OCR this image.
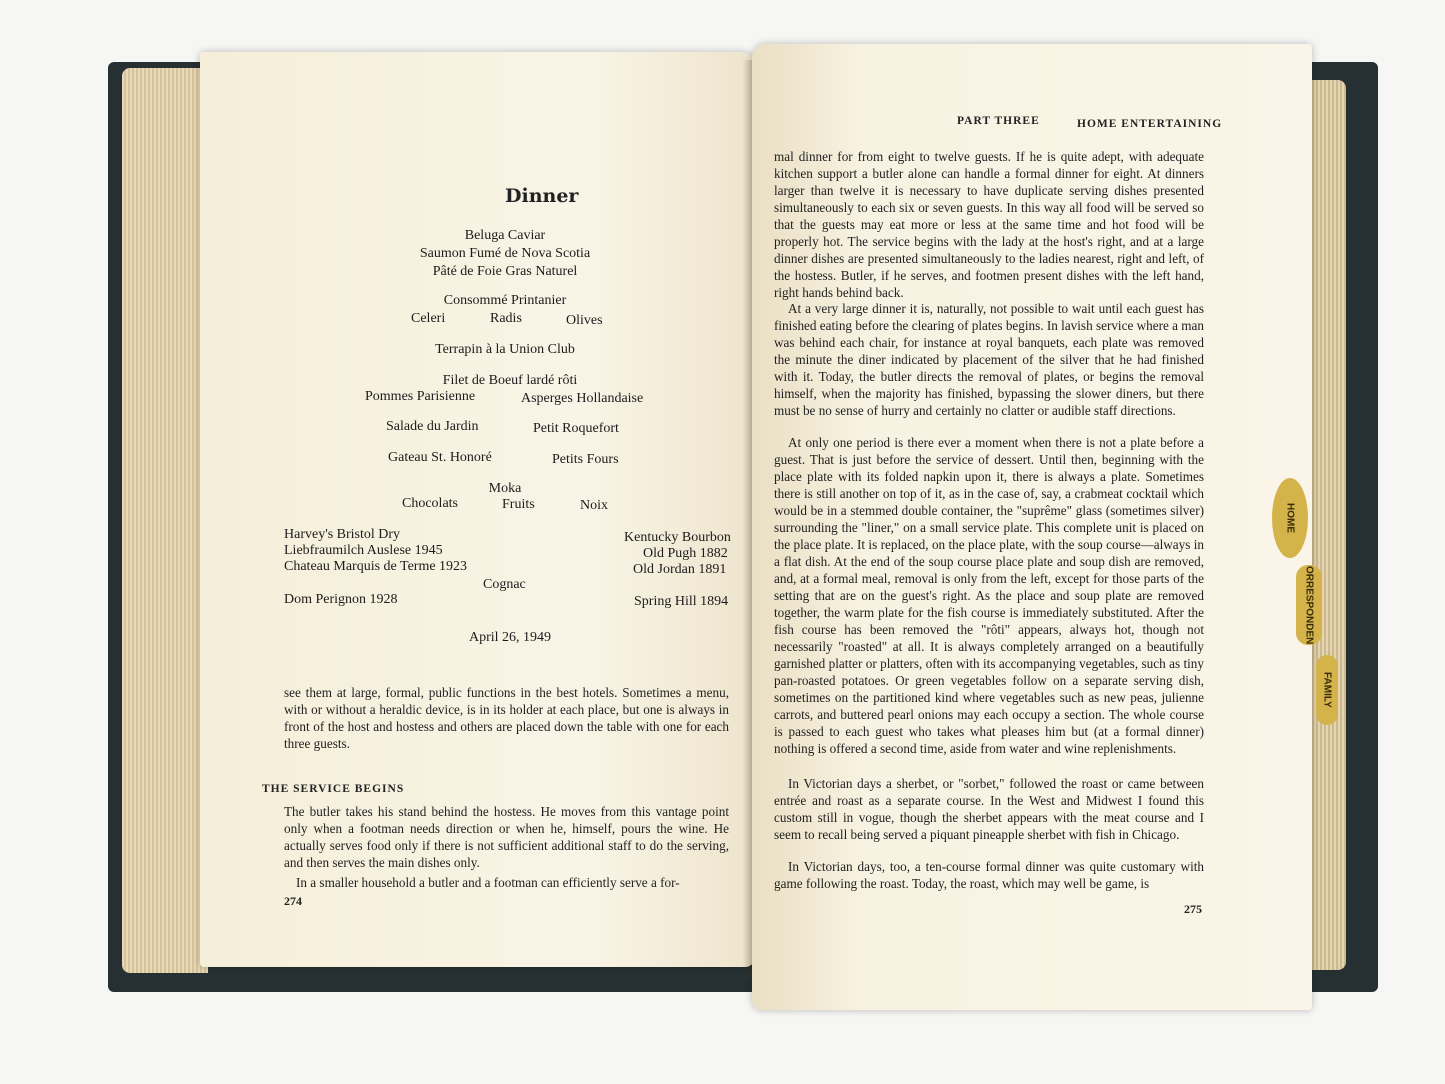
Dinner
Beluga Caviar
Saumon Fumé de Nova Scotia
Pâté de Foie Gras Naturel
Consommé Printanier
Celeri	Radis	Olives
Terrapin à la Union Club
Filet de Boeuf lardé rôti
Pommes Parisienne	Asperges Hollandaise
Salade du Jardin	Petit Roquefort
Gateau St. Honoré	Petits Fours
Moka
Chocolats	Fruits	Noix
Harvey's Bristol Dry
Liebfraumilch Auslese 1945
Chateau Marquis de Terme 1923
Cognac
Dom Perignon 1928
Kentucky Bourbon
Old Pugh 1882
Old Jordan 1891
Spring Hill 1894
April 26, 1949
see them at large, formal, public functions in the best hotels. Sometimes a menu, with or without a heraldic device, is in its holder at each place, but one is always in front of the host and hostess and others are placed down the table with one for each three guests.
THE SERVICE BEGINS
The butler takes his stand behind the hostess. He moves from this vantage point only when a footman needs direction or when he, himself, pours the wine. He actually serves food only if there is not sufficient additional staff to do the serving, and then serves the main dishes only.
In a smaller household a butler and a footman can efficiently serve a for-
274
PART THREE	HOME ENTERTAINING
mal dinner for from eight to twelve guests. If he is quite adept, with adequate kitchen support a butler alone can handle a formal dinner for eight. At dinners larger than twelve it is necessary to have duplicate serving dishes presented simultaneously to each six or seven guests. In this way all food will be served so that the guests may eat more or less at the same time and hot food will be properly hot. The service begins with the lady at the host's right, and at a large dinner dishes are presented simultaneously to the ladies nearest, right and left, of the hostess. Butler, if he serves, and footmen present dishes with the left hand, right hands behind back.
At a very large dinner it is, naturally, not possible to wait until each guest has finished eating before the clearing of plates begins. In lavish service where a man was behind each chair, for instance at royal banquets, each plate was removed the minute the diner indicated by placement of the silver that he had finished with it. Today, the butler directs the removal of plates, or begins the removal himself, when the majority has finished, bypassing the slower diners, but there must be no sense of hurry and certainly no clatter or audible staff directions.
At only one period is there ever a moment when there is not a plate before a guest. That is just before the service of dessert. Until then, beginning with the place plate with its folded napkin upon it, there is always a plate. Sometimes there is still another on top of it, as in the case of, say, a crabmeat cocktail which would be in a stemmed double container, the "suprême" glass (sometimes silver) surrounding the "liner," on a small service plate. This complete unit is placed on the place plate. It is replaced, on the place plate, with the soup course—always in a flat dish. At the end of the soup course place plate and soup dish are removed, and, at a formal meal, removal is only from the left, except for those parts of the setting that are on the guest's right. As the place and soup plate are removed together, the warm plate for the fish course is immediately substituted. After the fish course has been removed the "rôti" appears, always hot, though not necessarily "roasted" at all. It is always completely arranged on a beautifully garnished platter or platters, often with its accompanying vegetables, such as tiny pan-roasted potatoes. Or green vegetables follow on a separate serving dish, sometimes on the partitioned kind where vegetables such as new peas, julienne carrots, and buttered pearl onions may each occupy a section. The whole course is passed to each guest who takes what pleases him but (at a formal dinner) nothing is offered a second time, aside from water and wine replenishments.
In Victorian days a sherbet, or "sorbet," followed the roast or came between entrée and roast as a separate course. In the West and Midwest I found this custom still in vogue, though the sherbet appears with the meat course and I seem to recall being served a piquant pineapple sherbet with fish in Chicago.
In Victorian days, too, a ten-course formal dinner was quite customary with game following the roast. Today, the roast, which may well be game, is
275
HOME
ORRESPONDEN
FAMILY
